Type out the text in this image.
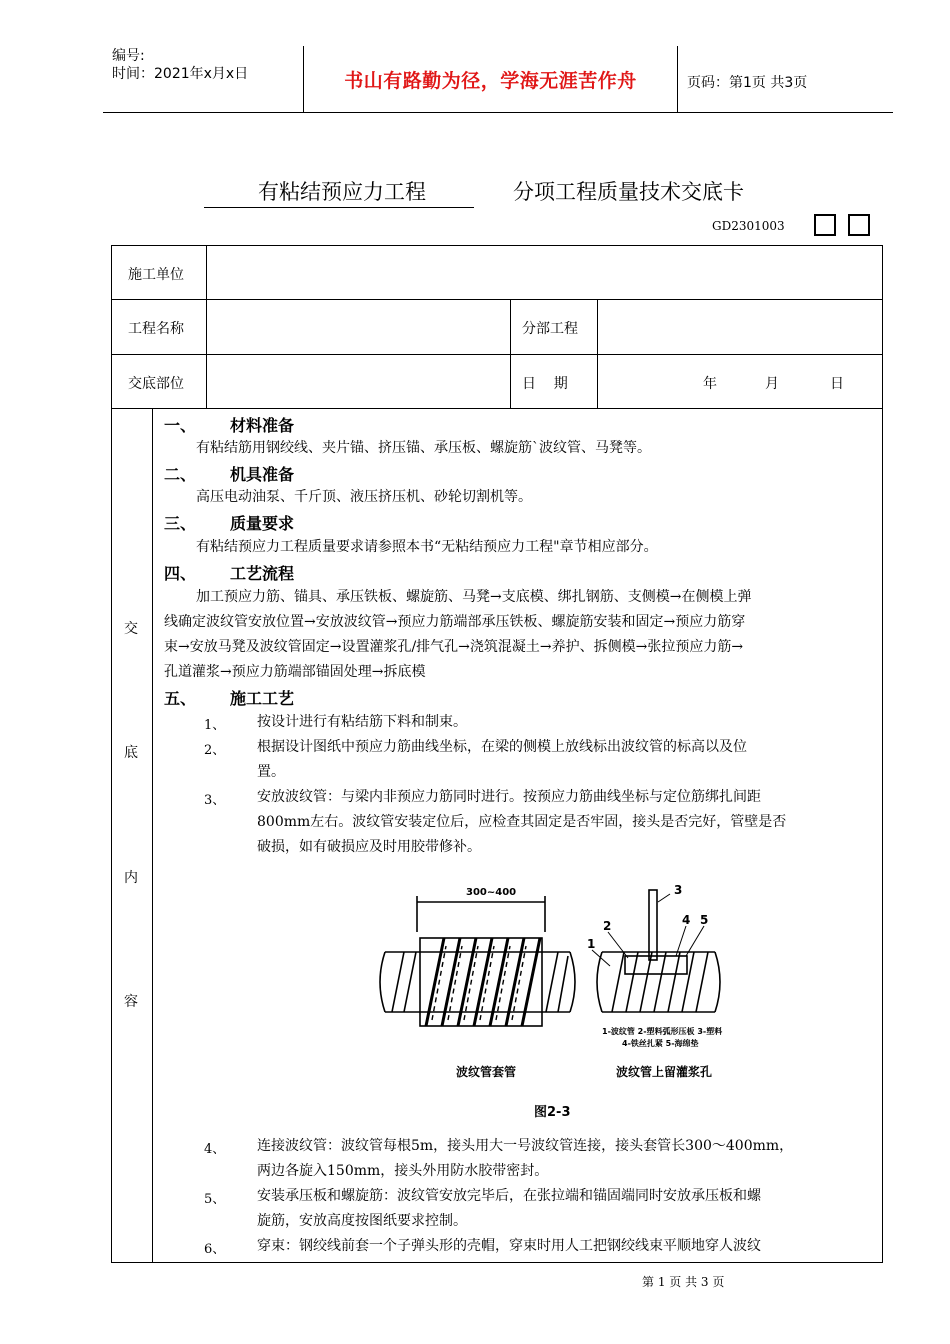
编号:
时间：2021年x月x日	书山有路勤为径，学海无涯苦作舟	页码：第1页 共3页
有粘结预应力工程	分项工程质量技术交底卡
GD2301003
施工单位
工程名称	分部工程
交底部位	日    期	年	月	日
交
底
内
容
一、 材料准备
有粘结筋用钢绞线、夹片锚、挤压锚、承压板、螺旋筋`波纹管、马凳等。
二、 机具准备
高压电动油泵、千斤顶、液压挤压机、砂轮切割机等。
三、 质量要求
有粘结预应力工程质量要求请参照本书“无粘结预应力工程"章节相应部分。
四、 工艺流程
加工预应力筋、锚具、承压铁板、螺旋筋、马凳→支底模、绑扎钢筋、支侧模→在侧模上弹
线确定波纹管安放位置→安放波纹管→预应力筋端部承压铁板、螺旋筋安装和固定→预应力筋穿
束→安放马凳及波纹管固定→设置灌浆孔/排气孔→浇筑混凝土→养护、拆侧模→张拉预应力筋→
孔道灌浆→预应力筋端部锚固处理→拆底模
五、 施工工艺
1、 按设计进行有粘结筋下料和制束。
2、 根据设计图纸中预应力筋曲线坐标，在梁的侧模上放线标出波纹管的标高以及位
置。
3、 安放波纹管：与梁内非预应力筋同时进行。按预应力筋曲线坐标与定位筋绑扎间距
800mm左右。波纹管安装定位后，应检查其固定是否牢固，接头是否完好，管壁是否
破损，如有破损应及时用胶带修补。
300~400
1
2
3
4 5
1-波纹管 2-塑料弧形压板 3-塑料
4-铁丝扎紧 5-海绵垫
波纹管套管	波纹管上留灌浆孔
图2-3
4、 连接波纹管：波纹管每根5m，接头用大一号波纹管连接，接头套管长300～400mm，
两边各旋入150mm，接头外用防水胶带密封。
5、 安装承压板和螺旋筋：波纹管安放完毕后，在张拉端和锚固端同时安放承压板和螺
旋筋，安放高度按图纸要求控制。
6、 穿束：钢绞线前套一个子弹头形的壳帽，穿束时用人工把钢绞线束平顺地穿人波纹
第 1 页 共 3 页
